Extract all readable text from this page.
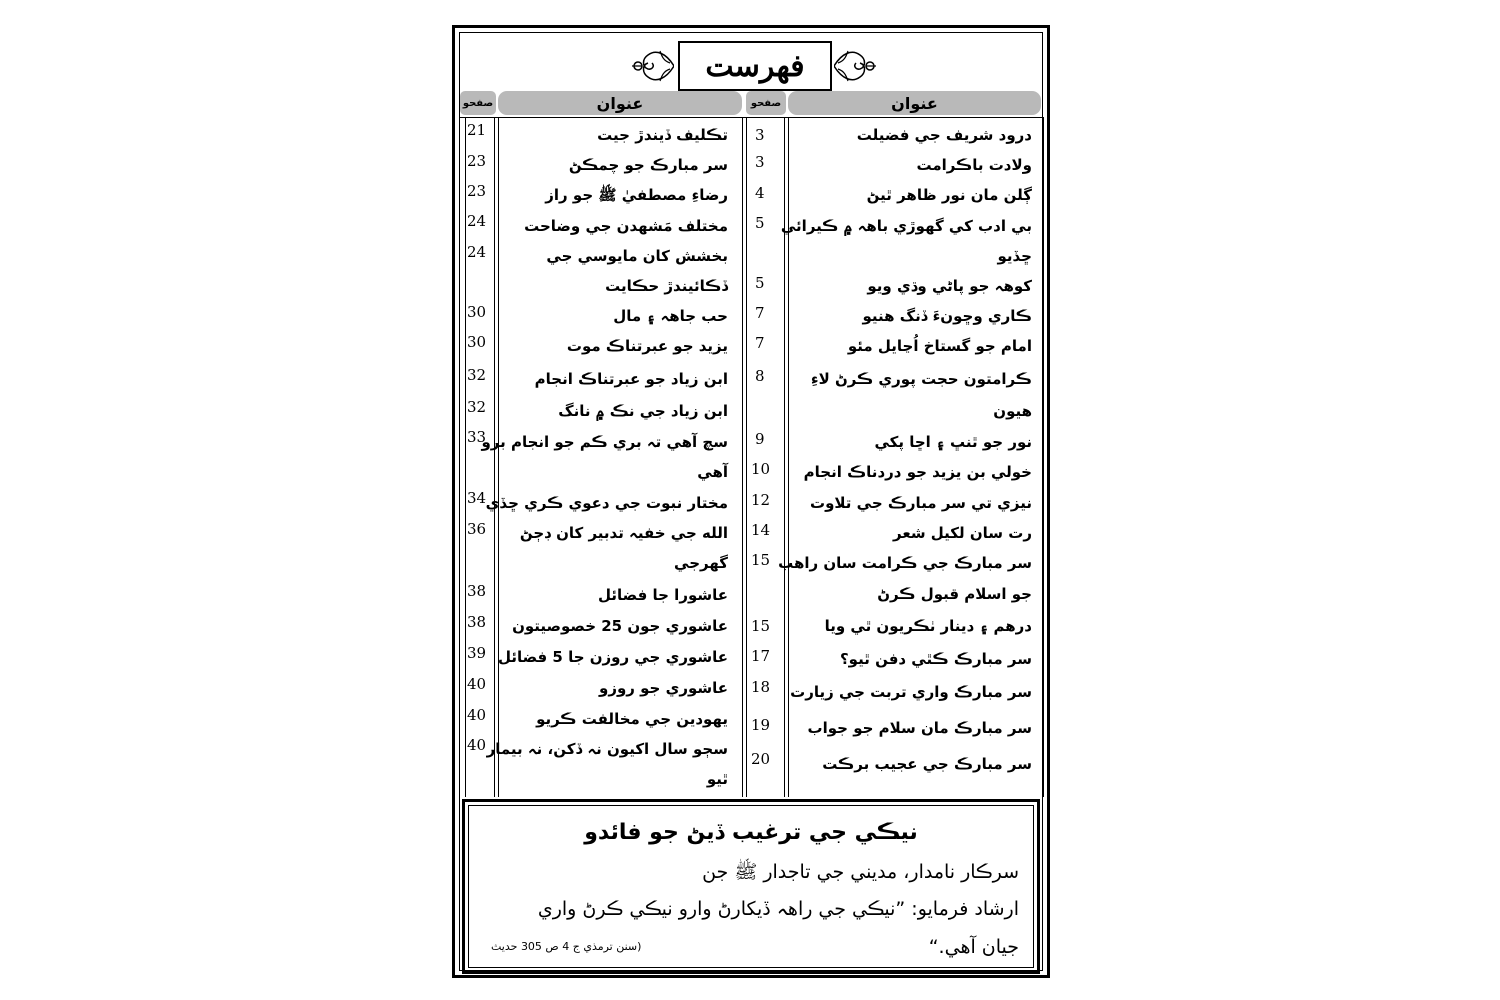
فهرست
عنوان
صفحو
عنوان
صفحو
درود شريف جي فضيلت
3
ولادت باڪرامت
3
ڳلن مان نور ظاهر ٿيڻ
4
بي ادب کي گهوڙي باهہ ۾ ڪيرائي
5
ڇڏيو
کوهہ جو پاڻي وڌي ويو
5
ڪاري وڇونءَ ڏنگ هنيو
7
امام جو گستاخ اُڃايل مئو
7
ڪرامتون حجت پوري ڪرڻ لاءِ
8
هيون
نور جو ٿنڀ ۽ اڇا پکي
9
خولي بن يزيد جو دردناڪ انجام
10
نيزي تي سر مبارڪ جي تلاوت
12
رت سان لکيل شعر
14
سر مبارڪ جي ڪرامت سان راهب
15
جو اسلام قبول ڪرڻ
درهم ۽ دينار ٺڪريون ٿي ويا
15
سر مبارڪ ڪٿي دفن ٿيو؟
17
سر مبارڪ واري تربت جي زيارت
18
سر مبارڪ مان سلام جو جواب
19
سر مبارڪ جي عجيب برڪت
20
تڪليف ڏيندڙ جيت
21
سر مبارڪ جو چمڪڻ
23
رضاءِ مصطفيٰ ﷺ جو راز
23
مختلف مَشهدن جي وضاحت
24
بخشش کان مايوسي جي
24
ڏڪائيندڙ حڪايت
حب جاهہ ۽ مال
30
يزيد جو عبرتناڪ موت
30
ابن زياد جو عبرتناڪ انجام
32
ابن زياد جي نڪ ۾ نانگ
32
سچ آهي تہ بري ڪم جو انجام برو
33
آهي
مختار نبوت جي دعوي ڪري ڇڏي
34
الله جي خفيہ تدبير کان ڊڄڻ
36
گهرجي
عاشورا جا فضائل
38
عاشوري جون 25 خصوصيتون
38
عاشوري جي روزن جا 5 فضائل
39
عاشوري جو روزو
40
يهودين جي مخالفت ڪريو
40
سڄو سال اکيون نہ ڏکن، نہ بيمار
40
ٿيو
نيڪي جي ترغيب ڏيڻ جو فائدو
سرڪار نامدار، مديني جي تاجدار ﷺ جن
ارشاد فرمايو: ”نيڪي جي راهہ ڏيکارڻ وارو نيڪي ڪرڻ واري
جيان آهي.“
(سنن ترمذي ج 4 ص 305 حديث
